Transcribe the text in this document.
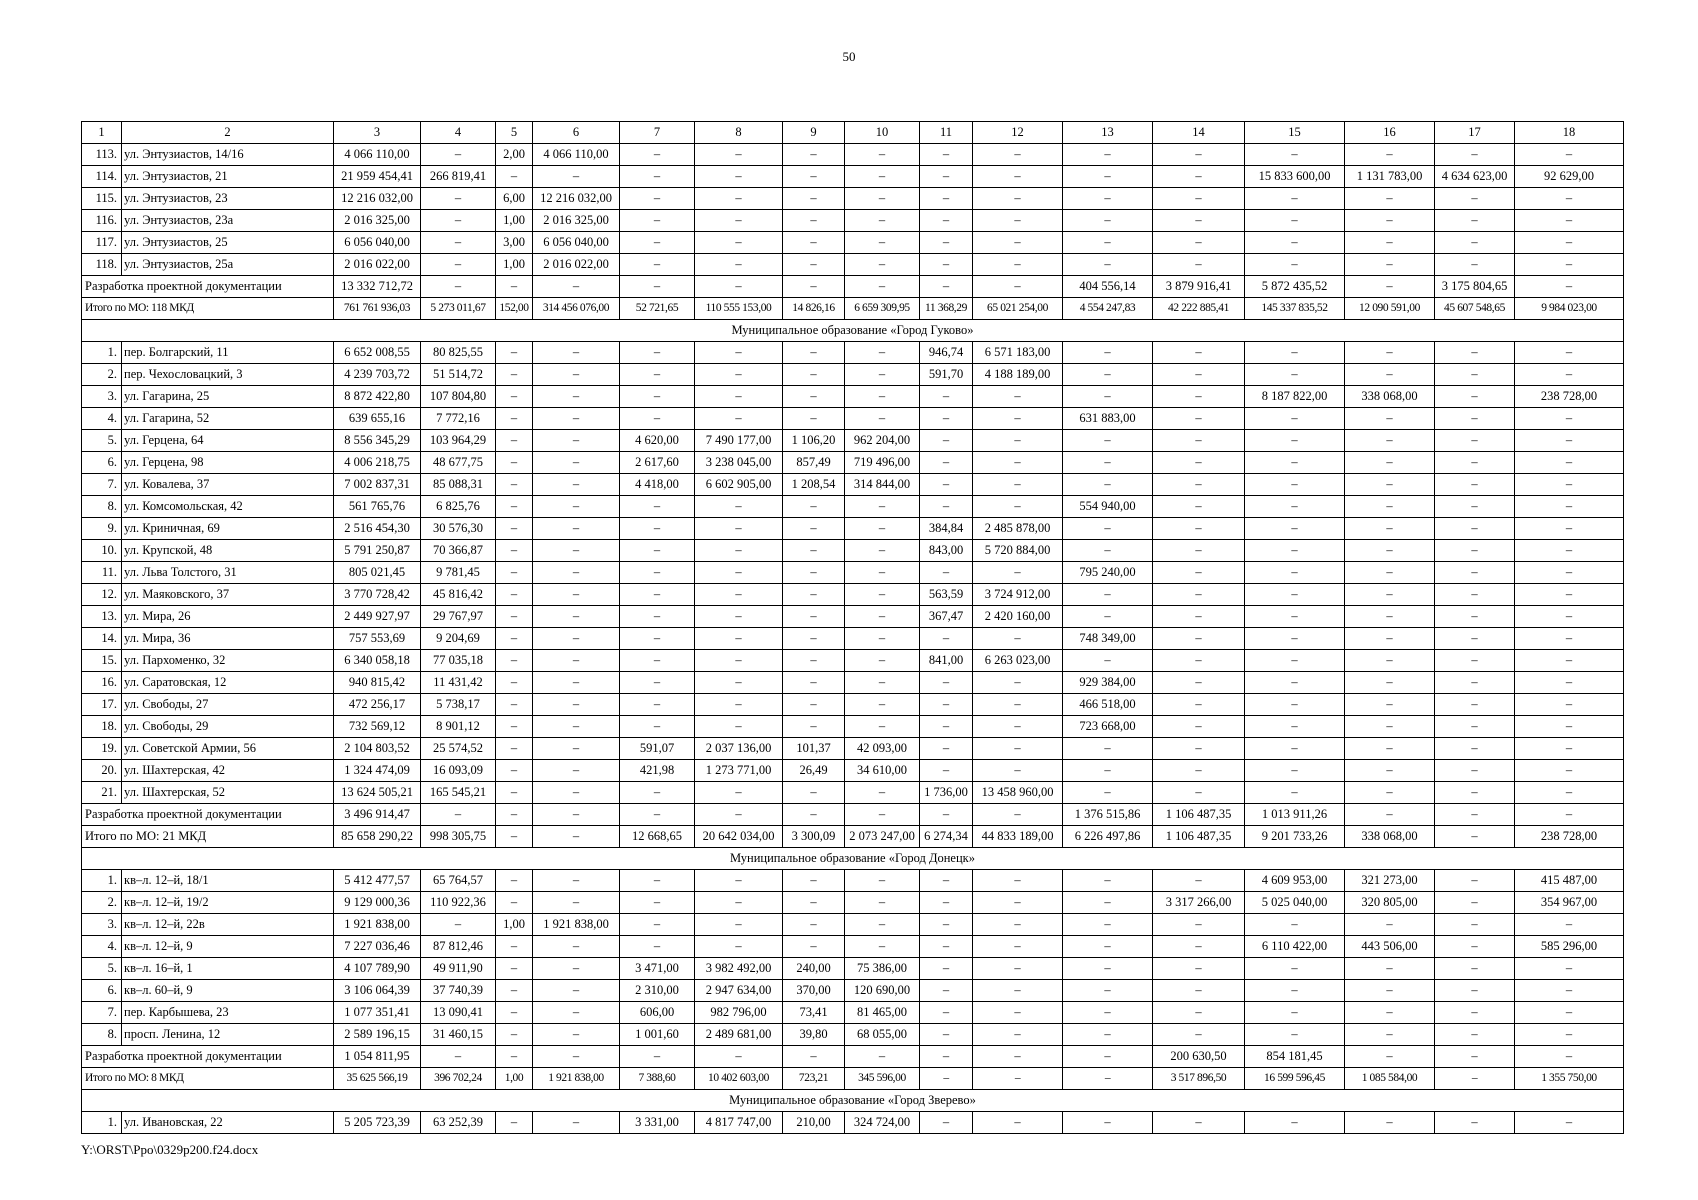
50
1	2	3	4	5	6	7	8	9	10	11	12	13	14	15	16	17	18
113.	ул. Энтузиастов, 14/16	4 066 110,00	–	2,00	4 066 110,00	–	–	–	–	–	–	–	–	–	–	–	–
114.	ул. Энтузиастов, 21	21 959 454,41	266 819,41	–	–	–	–	–	–	–	–	–	–	15 833 600,00	1 131 783,00	4 634 623,00	92 629,00
115.	ул. Энтузиастов, 23	12 216 032,00	–	6,00	12 216 032,00	–	–	–	–	–	–	–	–	–	–	–	–
116.	ул. Энтузиастов, 23а	2 016 325,00	–	1,00	2 016 325,00	–	–	–	–	–	–	–	–	–	–	–	–
117.	ул. Энтузиастов, 25	6 056 040,00	–	3,00	6 056 040,00	–	–	–	–	–	–	–	–	–	–	–	–
118.	ул. Энтузиастов, 25а	2 016 022,00	–	1,00	2 016 022,00	–	–	–	–	–	–	–	–	–	–	–	–
Разработка проектной документации		13 332 712,72	–	–	–	–	–	–	–	–	–	404 556,14	3 879 916,41	5 872 435,52	–	3 175 804,65	–
Итого по МО: 118 МКД		761 761 936,03	5 273 011,67	152,00	314 456 076,00	52 721,65	110 555 153,00	14 826,16	6 659 309,95	11 368,29	65 021 254,00	4 554 247,83	42 222 885,41	145 337 835,52	12 090 591,00	45 607 548,65	9 984 023,00
Муниципальное образование «Город Гуково»																	
1.	пер. Болгарский, 11	6 652 008,55	80 825,55	–	–	–	–	–	–	946,74	6 571 183,00	–	–	–	–	–	–
2.	пер. Чехословацкий, 3	4 239 703,72	51 514,72	–	–	–	–	–	–	591,70	4 188 189,00	–	–	–	–	–	–
3.	ул. Гагарина, 25	8 872 422,80	107 804,80	–	–	–	–	–	–	–	–	–	–	8 187 822,00	338 068,00	–	238 728,00
4.	ул. Гагарина, 52	639 655,16	7 772,16	–	–	–	–	–	–	–	–	631 883,00	–	–	–	–	–
5.	ул. Герцена, 64	8 556 345,29	103 964,29	–	–	4 620,00	7 490 177,00	1 106,20	962 204,00	–	–	–	–	–	–	–	–
6.	ул. Герцена, 98	4 006 218,75	48 677,75	–	–	2 617,60	3 238 045,00	857,49	719 496,00	–	–	–	–	–	–	–	–
7.	ул. Ковалева, 37	7 002 837,31	85 088,31	–	–	4 418,00	6 602 905,00	1 208,54	314 844,00	–	–	–	–	–	–	–	–
8.	ул. Комсомольская, 42	561 765,76	6 825,76	–	–	–	–	–	–	–	–	554 940,00	–	–	–	–	–
9.	ул. Криничная, 69	2 516 454,30	30 576,30	–	–	–	–	–	–	384,84	2 485 878,00	–	–	–	–	–	–
10.	ул. Крупской, 48	5 791 250,87	70 366,87	–	–	–	–	–	–	843,00	5 720 884,00	–	–	–	–	–	–
11.	ул. Льва Толстого, 31	805 021,45	9 781,45	–	–	–	–	–	–	–	–	795 240,00	–	–	–	–	–
12.	ул. Маяковского, 37	3 770 728,42	45 816,42	–	–	–	–	–	–	563,59	3 724 912,00	–	–	–	–	–	–
13.	ул. Мира, 26	2 449 927,97	29 767,97	–	–	–	–	–	–	367,47	2 420 160,00	–	–	–	–	–	–
14.	ул. Мира, 36	757 553,69	9 204,69	–	–	–	–	–	–	–	–	748 349,00	–	–	–	–	–
15.	ул. Пархоменко, 32	6 340 058,18	77 035,18	–	–	–	–	–	–	841,00	6 263 023,00	–	–	–	–	–	–
16.	ул. Саратовская, 12	940 815,42	11 431,42	–	–	–	–	–	–	–	–	929 384,00	–	–	–	–	–
17.	ул. Свободы, 27	472 256,17	5 738,17	–	–	–	–	–	–	–	–	466 518,00	–	–	–	–	–
18.	ул. Свободы, 29	732 569,12	8 901,12	–	–	–	–	–	–	–	–	723 668,00	–	–	–	–	–
19.	ул. Советской Армии, 56	2 104 803,52	25 574,52	–	–	591,07	2 037 136,00	101,37	42 093,00	–	–	–	–	–	–	–	–
20.	ул. Шахтерская, 42	1 324 474,09	16 093,09	–	–	421,98	1 273 771,00	26,49	34 610,00	–	–	–	–	–	–	–	–
21.	ул. Шахтерская, 52	13 624 505,21	165 545,21	–	–	–	–	–	–	1 736,00	13 458 960,00	–	–	–	–	–	–
Разработка проектной документации		3 496 914,47	–	–	–	–	–	–	–	–	–	1 376 515,86	1 106 487,35	1 013 911,26	–	–	–
Итого по МО: 21 МКД		85 658 290,22	998 305,75	–	–	12 668,65	20 642 034,00	3 300,09	2 073 247,00	6 274,34	44 833 189,00	6 226 497,86	1 106 487,35	9 201 733,26	338 068,00	–	238 728,00
Муниципальное образование «Город Донецк»																	
1.	кв–л. 12–й, 18/1	5 412 477,57	65 764,57	–	–	–	–	–	–	–	–	–	–	4 609 953,00	321 273,00	–	415 487,00
2.	кв–л. 12–й, 19/2	9 129 000,36	110 922,36	–	–	–	–	–	–	–	–	–	3 317 266,00	5 025 040,00	320 805,00	–	354 967,00
3.	кв–л. 12–й, 22в	1 921 838,00	–	1,00	1 921 838,00	–	–	–	–	–	–	–	–	–	–	–	–
4.	кв–л. 12–й, 9	7 227 036,46	87 812,46	–	–	–	–	–	–	–	–	–	–	6 110 422,00	443 506,00	–	585 296,00
5.	кв–л. 16–й, 1	4 107 789,90	49 911,90	–	–	3 471,00	3 982 492,00	240,00	75 386,00	–	–	–	–	–	–	–	–
6.	кв–л. 60–й, 9	3 106 064,39	37 740,39	–	–	2 310,00	2 947 634,00	370,00	120 690,00	–	–	–	–	–	–	–	–
7.	пер. Карбышева, 23	1 077 351,41	13 090,41	–	–	606,00	982 796,00	73,41	81 465,00	–	–	–	–	–	–	–	–
8.	просп. Ленина, 12	2 589 196,15	31 460,15	–	–	1 001,60	2 489 681,00	39,80	68 055,00	–	–	–	–	–	–	–	–
Разработка проектной документации		1 054 811,95	–	–	–	–	–	–	–	–	–	–	200 630,50	854 181,45	–	–	–
Итого по МО: 8 МКД		35 625 566,19	396 702,24	1,00	1 921 838,00	7 388,60	10 402 603,00	723,21	345 596,00	–	–	–	3 517 896,50	16 599 596,45	1 085 584,00	–	1 355 750,00
Муниципальное образование «Город Зверево»																	
1.	ул. Ивановская, 22	5 205 723,39	63 252,39	–	–	3 331,00	4 817 747,00	210,00	324 724,00	–	–	–	–	–	–	–	–
Y:\ORST\Ppo\0329p200.f24.docx
